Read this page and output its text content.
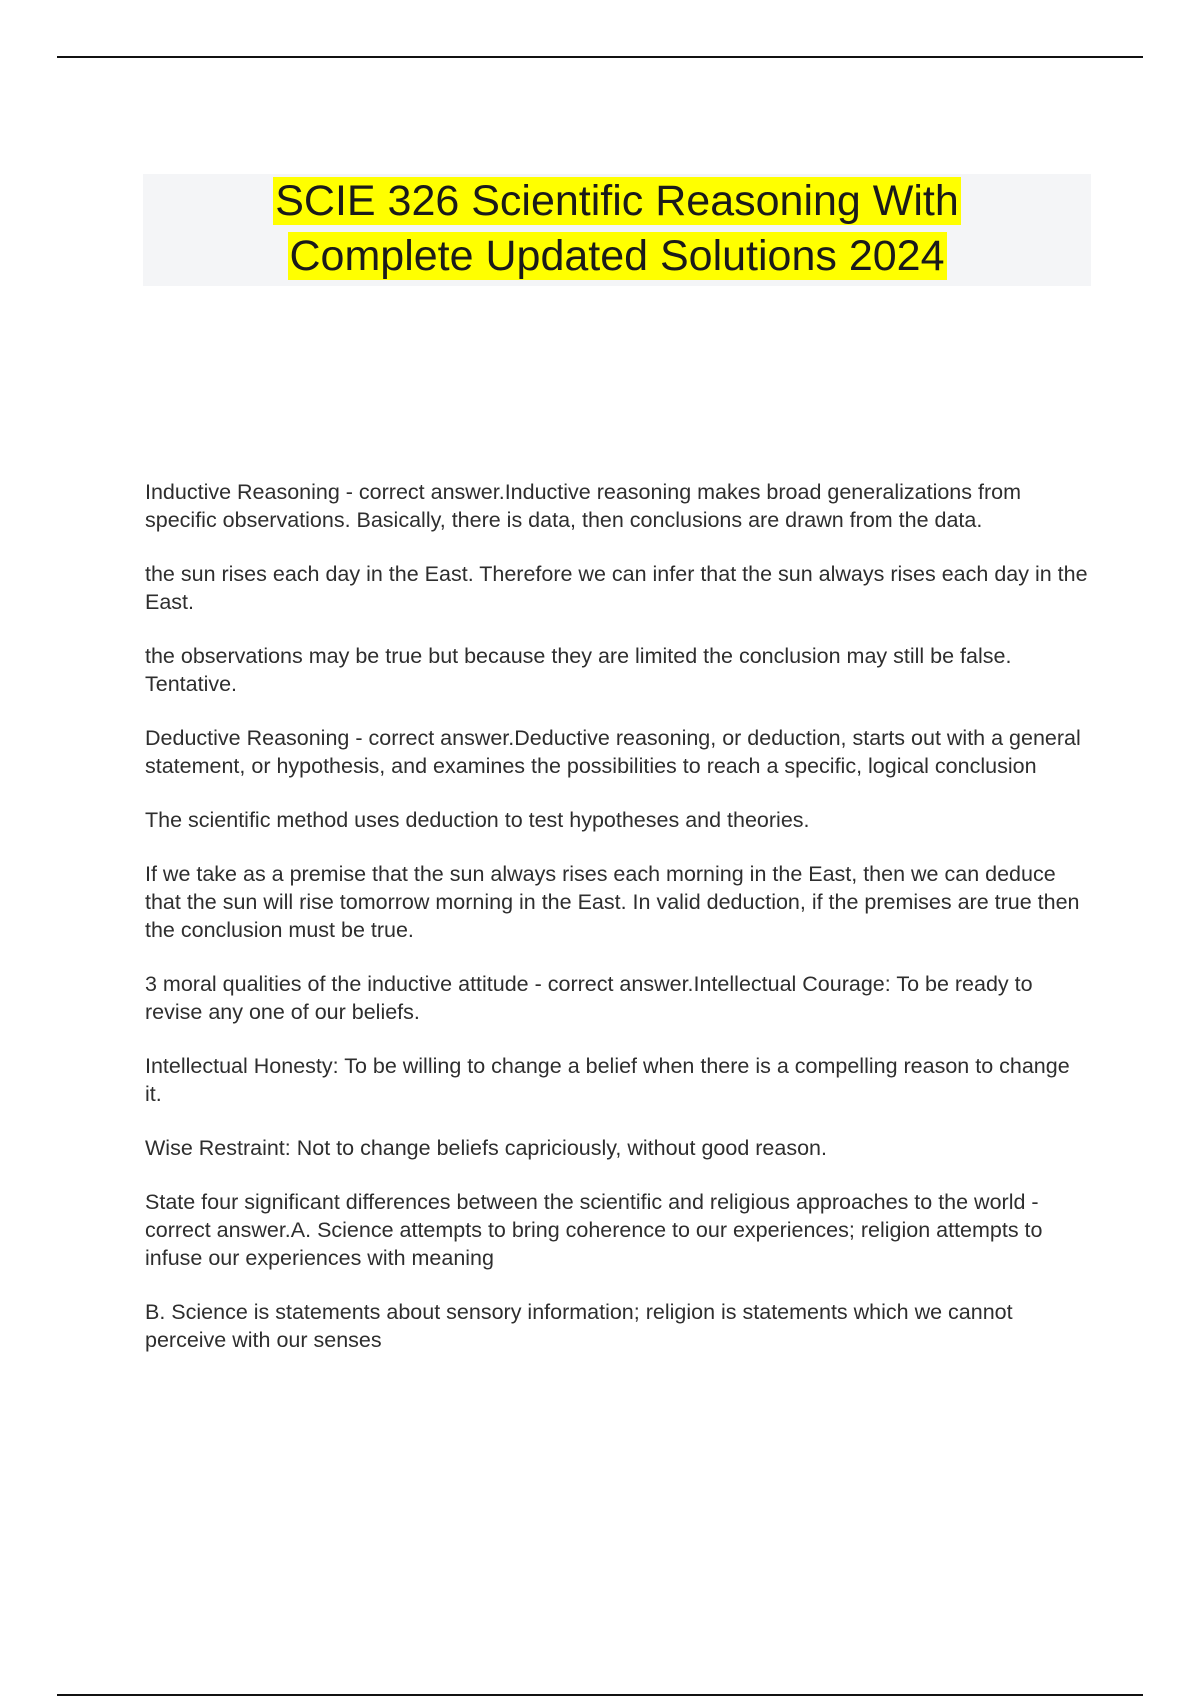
SCIE 326 Scientific Reasoning With
Complete Updated Solutions 2024

Inductive Reasoning - correct answer.Inductive reasoning makes broad generalizations from specific observations. Basically, there is data, then conclusions are drawn from the data.

the sun rises each day in the East. Therefore we can infer that the sun always rises each day in the East.

the observations may be true but because they are limited the conclusion may still be false. Tentative.

Deductive Reasoning - correct answer.Deductive reasoning, or deduction, starts out with a general statement, or hypothesis, and examines the possibilities to reach a specific, logical conclusion

The scientific method uses deduction to test hypotheses and theories.

If we take as a premise that the sun always rises each morning in the East, then we can deduce that the sun will rise tomorrow morning in the East. In valid deduction, if the premises are true then the conclusion must be true.

3 moral qualities of the inductive attitude - correct answer.Intellectual Courage: To be ready to revise any one of our beliefs.

Intellectual Honesty: To be willing to change a belief when there is a compelling reason to change it.

Wise Restraint: Not to change beliefs capriciously, without good reason.

State four significant differences between the scientific and religious approaches to the world - correct answer.A. Science attempts to bring coherence to our experiences; religion attempts to infuse our experiences with meaning

B. Science is statements about sensory information; religion is statements which we cannot perceive with our senses
